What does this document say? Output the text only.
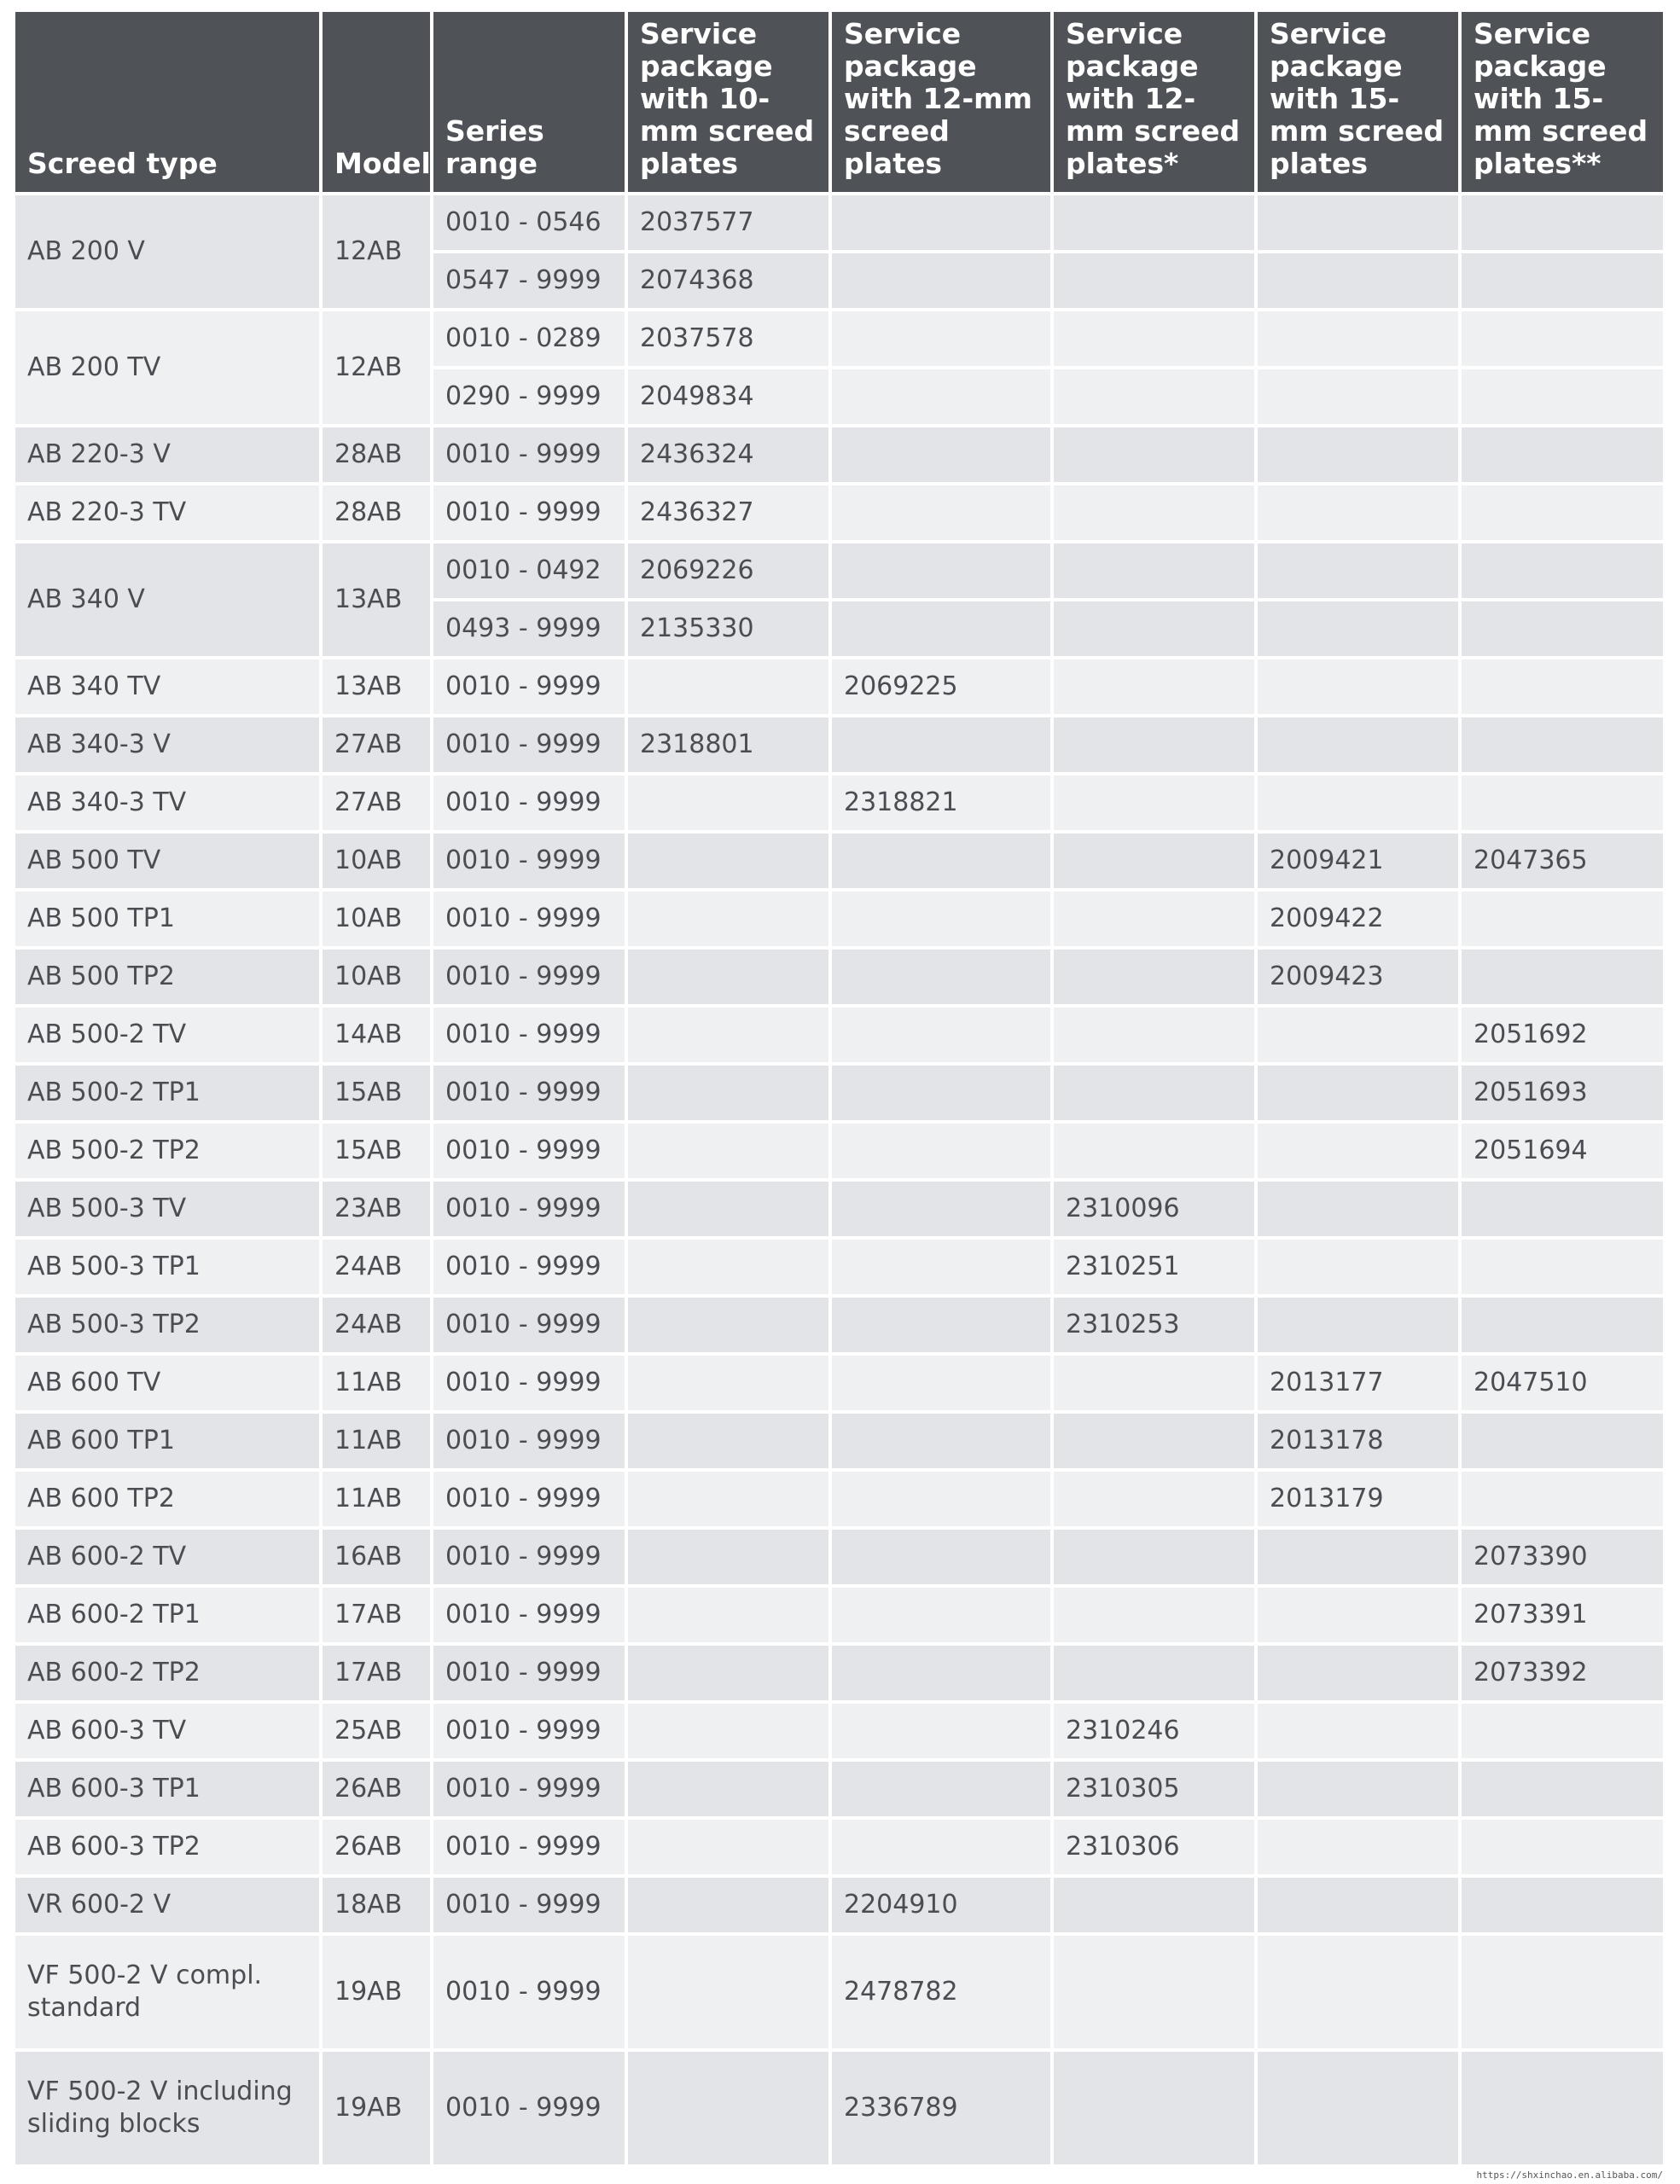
Screed type	Model	Series range	Service package with 10-mm screed plates	Service package with 12-mm screed plates	Service package with 12-mm screed plates*	Service package with 15-mm screed plates	Service package with 15-mm screed plates**
AB 200 V	12AB	0010 - 0546	2037577				
		0547 - 9999	2074368				
AB 200 TV	12AB	0010 - 0289	2037578				
		0290 - 9999	2049834				
AB 220-3 V	28AB	0010 - 9999	2436324				
AB 220-3 TV	28AB	0010 - 9999	2436327				
AB 340 V	13AB	0010 - 0492	2069226				
		0493 - 9999	2135330				
AB 340 TV	13AB	0010 - 9999		2069225			
AB 340-3 V	27AB	0010 - 9999	2318801				
AB 340-3 TV	27AB	0010 - 9999		2318821			
AB 500 TV	10AB	0010 - 9999				2009421	2047365
AB 500 TP1	10AB	0010 - 9999				2009422	
AB 500 TP2	10AB	0010 - 9999				2009423	
AB 500-2 TV	14AB	0010 - 9999					2051692
AB 500-2 TP1	15AB	0010 - 9999					2051693
AB 500-2 TP2	15AB	0010 - 9999					2051694
AB 500-3 TV	23AB	0010 - 9999			2310096		
AB 500-3 TP1	24AB	0010 - 9999			2310251		
AB 500-3 TP2	24AB	0010 - 9999			2310253		
AB 600 TV	11AB	0010 - 9999				2013177	2047510
AB 600 TP1	11AB	0010 - 9999				2013178	
AB 600 TP2	11AB	0010 - 9999				2013179	
AB 600-2 TV	16AB	0010 - 9999					2073390
AB 600-2 TP1	17AB	0010 - 9999					2073391
AB 600-2 TP2	17AB	0010 - 9999					2073392
AB 600-3 TV	25AB	0010 - 9999			2310246		
AB 600-3 TP1	26AB	0010 - 9999			2310305		
AB 600-3 TP2	26AB	0010 - 9999			2310306		
VR 600-2 V	18AB	0010 - 9999		2204910			
VF 500-2 V compl. standard	19AB	0010 - 9999		2478782			
VF 500-2 V including sliding blocks	19AB	0010 - 9999		2336789			
https://shxinchao.en.alibaba.com/
